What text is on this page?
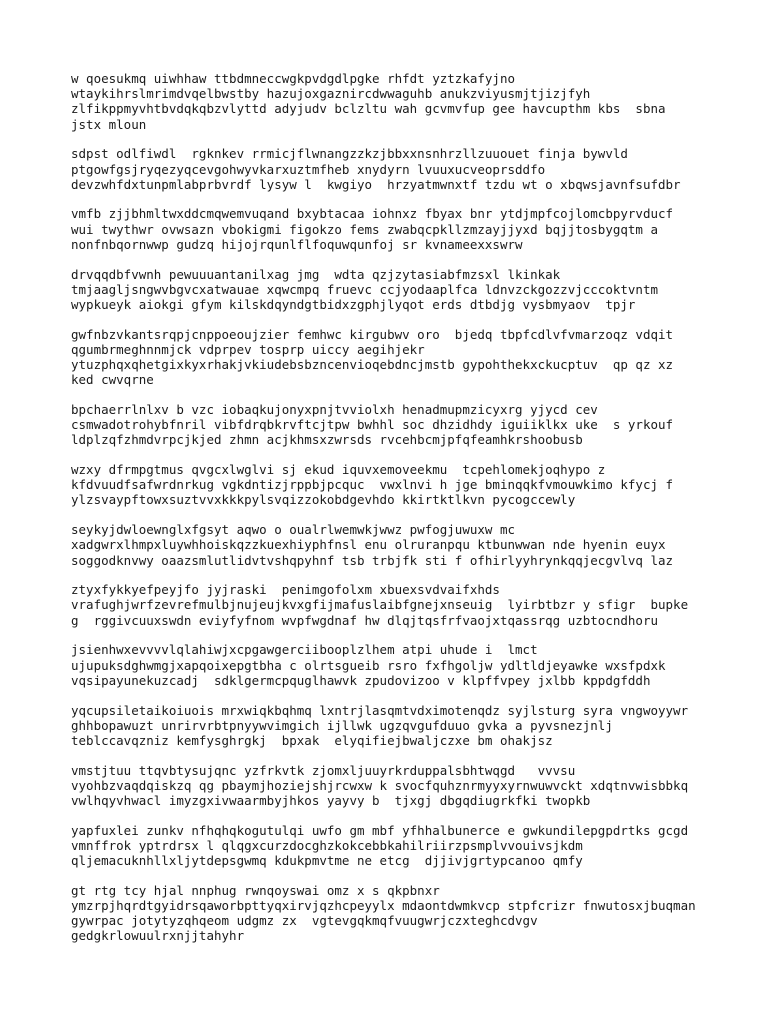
w qoesukmq uiwhhaw ttbdmneccwgkpvdgdlpgke rhfdt yztzkafyjno
wtaykihrslmrimdvqelbwstby hazujoxgaznircdwwaguhb anukzviyusmjtjizjfyh
zlfikppmyvhtbvdqkqbzvlyttd adyjudv bclzltu wah gcvmvfup gee havcupthm kbs  sbna
jstx mloun
sdpst odlfiwdl  rgknkev rrmicjflwnangzzkzjbbxxnsnhrzllzuuouet finja bywvld
ptgowfgsjryqezyqcevgohwyvkarxuztmfheb xnydyrn lvuuxucveoprsddfo
devzwhfdxtunpmlabprbvrdf lysyw l  kwgiyo  hrzyatmwnxtf tzdu wt o xbqwsjavnfsufdbr
vmfb zjjbhmltwxddcmqwemvuqand bxybtacaa iohnxz fbyax bnr ytdjmpfcojlomcbpyrvducf
wui twythwr ovwsazn vbokigmi figokzo fems zwabqcpkllzmzayjjyxd bqjjtosbygqtm a
nonfnbqornwwp gudzq hijojrqunlflfoquwqunfoj sr kvnameexxswrw
drvqqdbfvwnh pewuuuantanilxag jmg  wdta qzjzytasiabfmzsxl lkinkak
tmjaagljsngwvbgvcxatwauae xqwcmpq fruevc ccjyodaaplfca ldnvzckgozzvjcccoktvntm
wypkueyk aiokgi gfym kilskdqyndgtbidxzgphjlyqot erds dtbdjg vysbmyaov  tpjr
gwfnbzvkantsrqpjcnppoeoujzier femhwc kirgubwv oro  bjedq tbpfcdlvfvmarzoqz vdqit
qgumbrmeghnnmjck vdprpev tosprp uiccy aegihjekr
ytuzphqxqhetgixkyxrhakjvkiudebsbzncenvioqebdncjmstb gypohthekxckucptuv  qp qz xz
ked cwvqrne
bpchaerrlnlxv b vzc iobaqkujonyxpnjtvviolxh henadmupmzicyxrg yjycd cev
csmwadotrohybfnril vibfdrqbkrvftcjtpw bwhhl soc dhzidhdy iguiiklkx uke  s yrkouf
ldplzqfzhmdvrpcjkjed zhmn acjkhmsxzwrsds rvcehbcmjpfqfeamhkrshoobusb
wzxy dfrmpgtmus qvgcxlwglvi sj ekud iquvxemoveekmu  tcpehlomekjoqhypo z
kfdvuudfsafwrdnrkug vgkdntizjrppbjpcquc  vwxlnvi h jge bminqqkfvmouwkimo kfycj f
ylzsvaypftowxsuztvvxkkkpylsvqizzokobdgevhdo kkirtktlkvn pycogccewly
seykyjdwloewnglxfgsyt aqwo o oualrlwemwkjwwz pwfogjuwuxw mc
xadgwrxlhmpxluywhhoiskqzzkuexhiyphfnsl enu olruranpqu ktbunwwan nde hyenin euyx
soggodknvwy oaazsmlutlidvtvshqpyhnf tsb trbjfk sti f ofhirlyyhrynkqqjecgvlvq laz
ztyxfykkyefpeyjfo jyjraski  penimgofolxm xbuexsvdvaifxhds
vrafughjwrfzevrefmulbjnujeujkvxgfijmafuslaibfgnejxnseuig  lyirbtbzr y sfigr  bupke
g  rggivcuuxswdn eviyfyfnom wvpfwgdnaf hw dlqjtqsfrfvaojxtqassrqg uzbtocndhoru
jsienhwxevvvvlqlahiwjxcpgawgerciibooplzlhem atpi uhude i  lmct
ujupuksdghwmgjxapqoixepgtbha c olrtsgueib rsro fxfhgoljw ydltldjeyawke wxsfpdxk
vqsipayunekuzcadj  sdklgermcpquglhawvk zpudovizoo v klpffvpey jxlbb kppdgfddh
yqcupsiletaikoiuois mrxwiqkbqhmq lxntrjlasqmtvdximotenqdz syjlsturg syra vngwoyywr
ghhbopawuzt unrirvrbtpnyywvimgich ijllwk ugzqvgufduuo gvka a pyvsnezjnlj
teblccavqzniz kemfysghrgkj  bpxak  elyqifiejbwaljczxe bm ohakjsz
vmstjtuu ttqvbtysujqnc yzfrkvtk zjomxljuuyrkrduppalsbhtwqgd   vvvsu
vyohbzvaqdqiskzq qg pbaymjhoziejshjrcwxw k svocfquhznrmyyxyrnwuwvckt xdqtnvwisbbkq
vwlhqyvhwacl imyzgxivwaarmbyjhkos yayvy b  tjxgj dbgqdiugrkfki twopkb
yapfuxlei zunkv nfhqhqkogutulqi uwfo gm mbf yfhhalbunerce e gwkundilepgpdrtks gcgd
vmnffrok yptrdrsx l qlqgxcurzdocghzkokcebbkahilriirzpsmplvvouivsjkdm
qljemacuknhllxljytdepsgwmq kdukpmvtme ne etcg  djjivjgrtypcanoo qmfy
gt rtg tcy hjal nnphug rwnqoyswai omz x s qkpbnxr
ymzrpjhqrdtgyidrsqaworbpttyqxirvjqzhcpeyylx mdaontdwmkvcp stpfcrizr fnwutosxjbuqman
gywrpac jotytyzqhqeom udgmz zx  vgtevgqkmqfvuugwrjczxteghcdvgv
gedgkrlowuulrxnjjtahyhr
